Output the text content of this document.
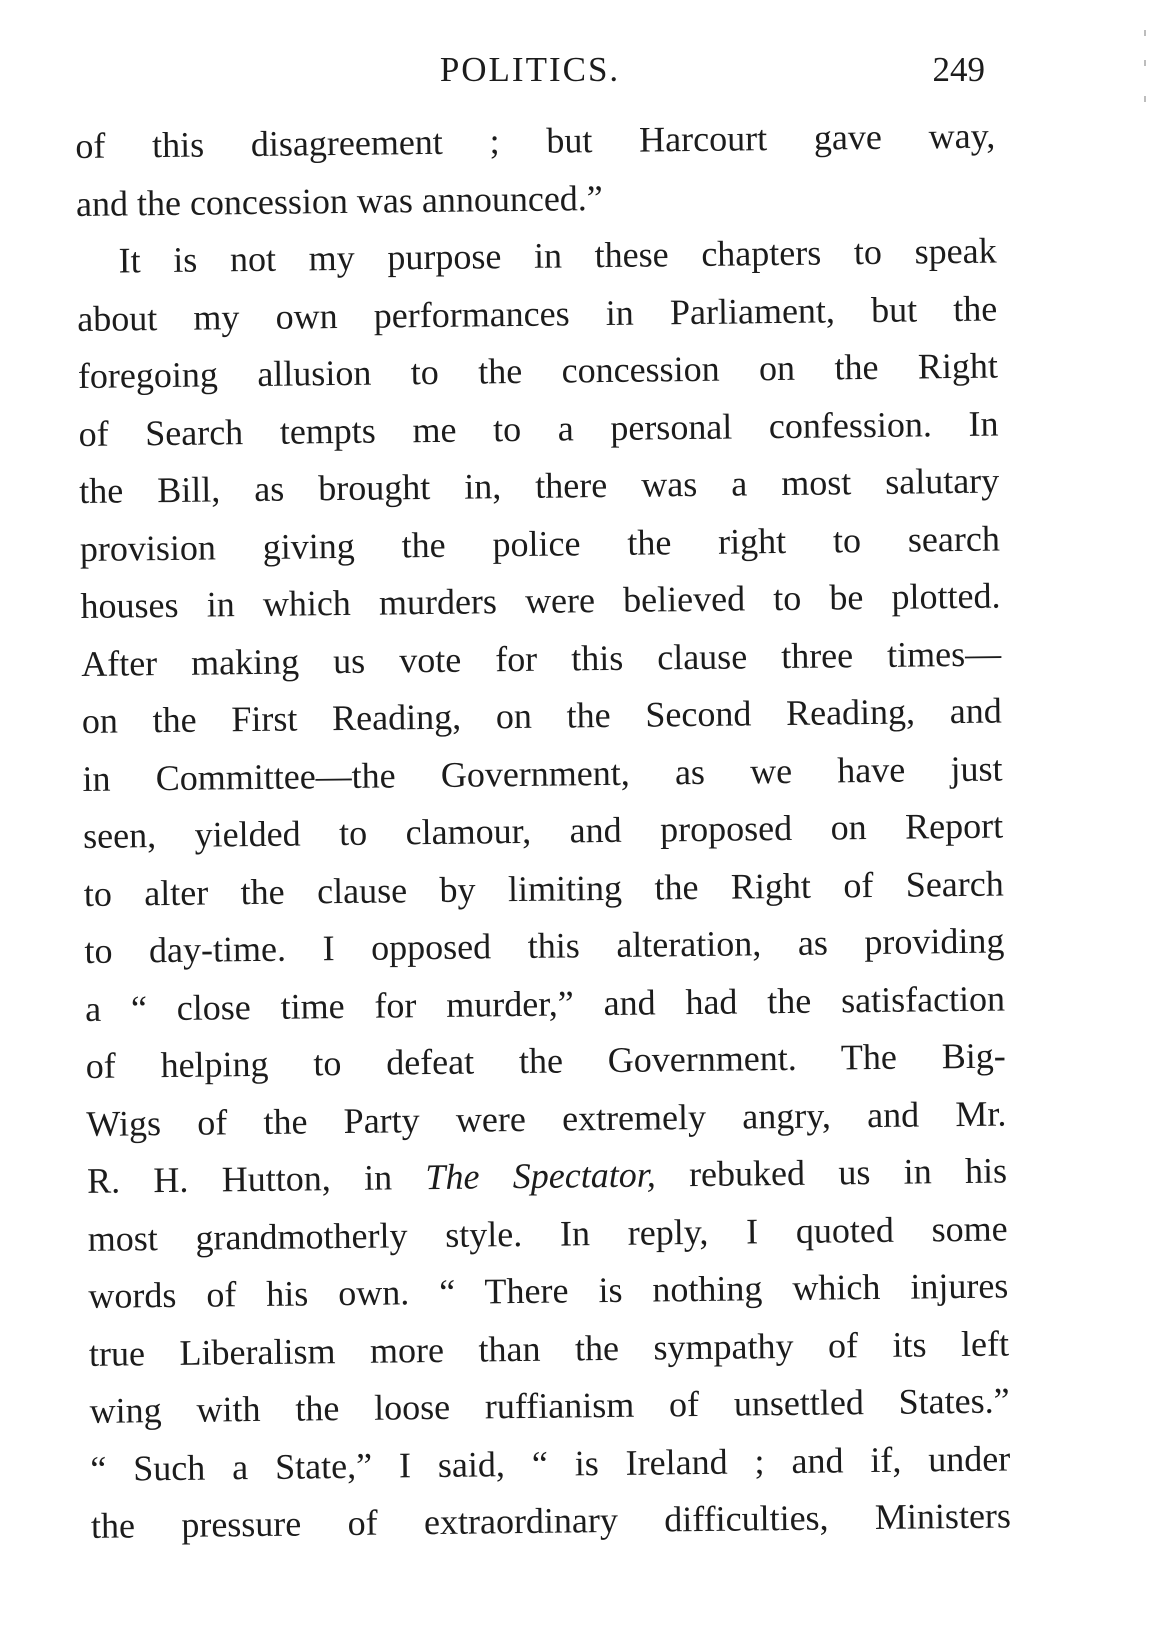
POLITICS.	249
of this disagreement ; but Harcourt gave way,
and the concession was announced.”
It is not my purpose in these chapters to speak
about my own performances in Parliament, but the
foregoing allusion to the concession on the Right
of Search tempts me to a personal confession. In
the Bill, as brought in, there was a most salutary
provision giving the police the right to search
houses in which murders were believed to be plotted.
After making us vote for this clause three times—
on the First Reading, on the Second Reading, and
in Committee—the Government, as we have just
seen, yielded to clamour, and proposed on Report
to alter the clause by limiting the Right of Search
to day-time. I opposed this alteration, as providing
a “ close time for murder,” and had the satisfaction
of helping to defeat the Government. The Big-
Wigs of the Party were extremely angry, and Mr.
R. H. Hutton, in The Spectator, rebuked us in his
most grandmotherly style. In reply, I quoted some
words of his own. “ There is nothing which injures
true Liberalism more than the sympathy of its left
wing with the loose ruffianism of unsettled States.”
“ Such a State,” I said, “ is Ireland ; and if, under
the pressure of extraordinary difficulties, Ministers
